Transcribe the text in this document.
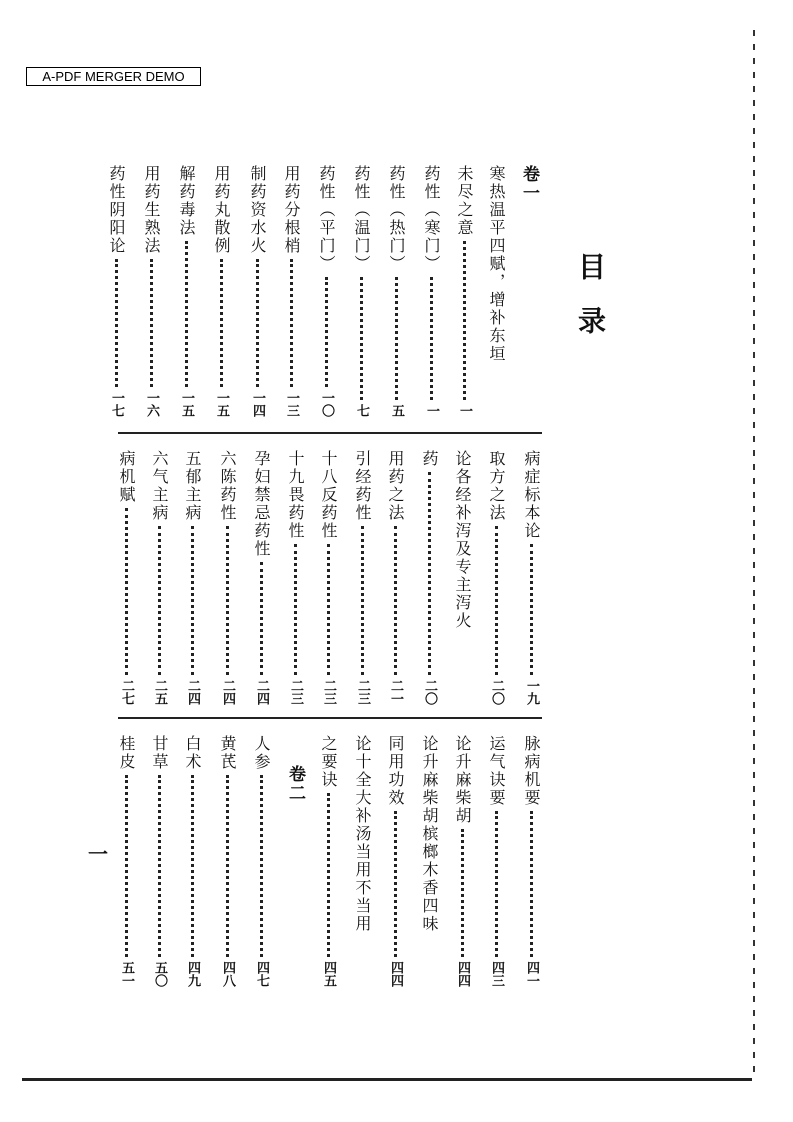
A-PDF MERGER DEMO
目录
一
卷一
寒热温平四赋，增补东垣
未尽之意
一
药性（寒门）
一
药性（热门）
五
药性（温门）
七
药性（平门）
一〇
用药分根梢
一三
制药资水火
一四
用药丸散例
一五
解药毒法
一五
用药生熟法
一六
药性阴阳论
一七
病症标本论
一九
取方之法
二〇
论各经补泻及专主泻火
药
二〇
用药之法
二一
引经药性
二三
十八反药性
二三
十九畏药性
二三
孕妇禁忌药性
二四
六陈药性
二四
五郁主病
二四
六气主病
二五
病机赋
二七
脉病机要
四一
运气诀要
四三
论升麻柴胡
四四
论升麻柴胡槟榔木香四味
同用功效
四四
论十全大补汤当用不当用
之要诀
四五
卷二
人参
四七
黄芪
四八
白术
四九
甘草
五〇
桂皮
五一
